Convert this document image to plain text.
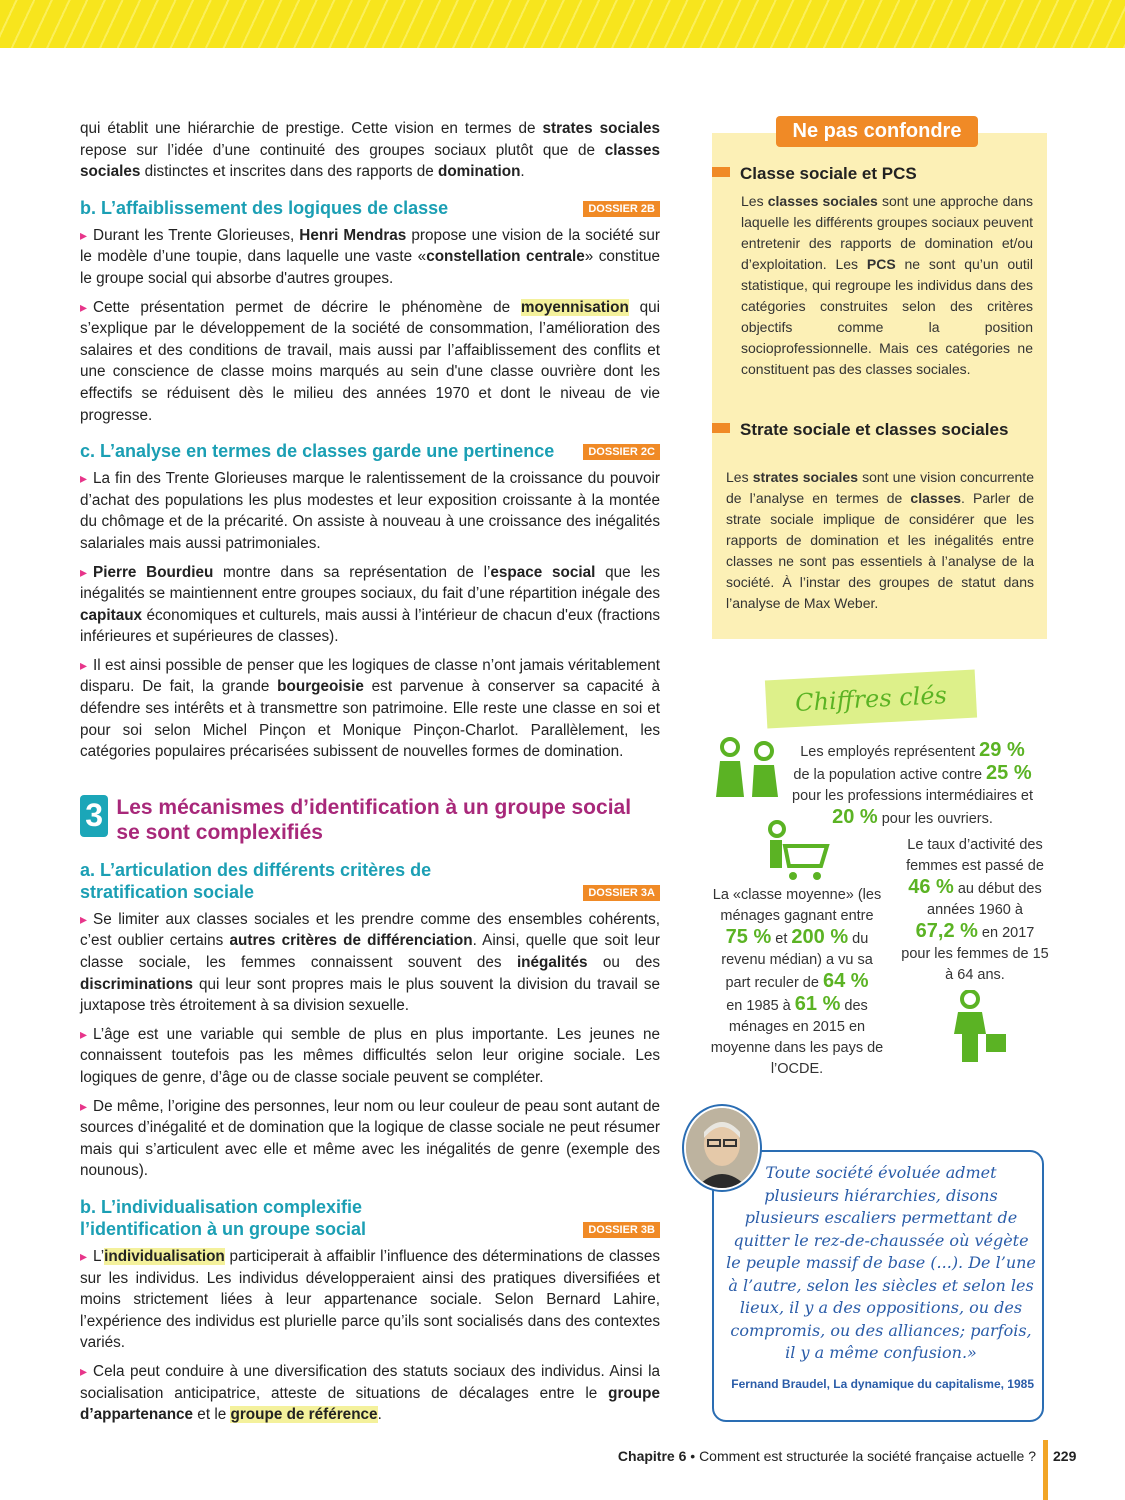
qui établit une hiérarchie de prestige. Cette vision en termes de strates sociales repose sur l’idée d’une continuité des groupes sociaux plutôt que de classes sociales distinctes et inscrites dans des rapports de domination.

b. L’affaiblissement des logiques de classe	DOSSIER 2B

▸ Durant les Trente Glorieuses, Henri Mendras propose une vision de la société sur le modèle d’une toupie, dans laquelle une vaste «constellation centrale» constitue le groupe social qui absorbe d'autres groupes.

▸ Cette présentation permet de décrire le phénomène de moyennisation qui s’explique par le développement de la société de consommation, l’amélioration des salaires et des conditions de travail, mais aussi par l’affaiblissement des conflits et une conscience de classe moins marqués au sein d'une classe ouvrière dont les effectifs se réduisent dès le milieu des années 1970 et dont le niveau de vie progresse.

c. L’analyse en termes de classes garde une pertinence	DOSSIER 2C

▸ La fin des Trente Glorieuses marque le ralentissement de la croissance du pouvoir d’achat des populations les plus modestes et leur exposition croissante à la montée du chômage et de la précarité. On assiste à nouveau à une croissance des inégalités salariales mais aussi patrimoniales.

▸ Pierre Bourdieu montre dans sa représentation de l’espace social que les inégalités se maintiennent entre groupes sociaux, du fait d’une répartition inégale des capitaux économiques et culturels, mais aussi à l’intérieur de chacun d'eux (fractions inférieures et supérieures de classes).

▸ Il est ainsi possible de penser que les logiques de classe n’ont jamais véritablement disparu. De fait, la grande bourgeoisie est parvenue à conserver sa capacité à défendre ses intérêts et à transmettre son patrimoine. Elle reste une classe en soi et pour soi selon Michel Pinçon et Monique Pinçon-Charlot. Parallèlement, les catégories populaires précarisées subissent de nouvelles formes de domination.

3 Les mécanismes d’identification à un groupe social se sont complexifiés
a. L’articulation des différents critères de stratification sociale	DOSSIER 3A

▸ Se limiter aux classes sociales et les prendre comme des ensembles cohérents, c’est oublier certains autres critères de différenciation. Ainsi, quelle que soit leur classe sociale, les femmes connaissent souvent des inégalités ou des discriminations qui leur sont propres mais le plus souvent la division du travail se juxtapose très étroitement à sa division sexuelle.

▸ L’âge est une variable qui semble de plus en plus importante. Les jeunes ne connaissent toutefois pas les mêmes difficultés selon leur origine sociale. Les logiques de genre, d’âge ou de classe sociale peuvent se compléter.

▸ De même, l’origine des personnes, leur nom ou leur couleur de peau sont autant de sources d’inégalité et de domination que la logique de classe sociale ne peut résumer mais qui s’articulent avec elle et même avec les inégalités de genre (exemple des nounous).

b. L’individualisation complexifie l’identification à un groupe social	DOSSIER 3B

▸ L’individualisation participerait à affaiblir l’influence des déterminations de classes sur les individus. Les individus développeraient ainsi des pratiques diversifiées et moins strictement liées à leur appartenance sociale. Selon Bernard Lahire, l’expérience des individus est plurielle parce qu’ils sont socialisés dans des contextes variés.

▸ Cela peut conduire à une diversification des statuts sociaux des individus. Ainsi la socialisation anticipatrice, atteste de situations de décalages entre le groupe d’appartenance et le groupe de référence.

Ne pas confondre
Classe sociale et PCS
Les classes sociales sont une approche dans laquelle les différents groupes sociaux peuvent entretenir des rapports de domination et/ou d’exploitation. Les PCS ne sont qu’un outil statistique, qui regroupe les individus dans des catégories construites selon des critères objectifs comme la position socioprofessionnelle. Mais ces catégories ne constituent pas des classes sociales.
Strate sociale et classes sociales
Les strates sociales sont une vision concurrente de l’analyse en termes de classes. Parler de strate sociale implique de considérer que les rapports de domination et les inégalités entre classes ne sont pas essentiels à l’analyse de la société. À l’instar des groupes de statut dans l’analyse de Max Weber.
Chiffres clés
Les employés représentent 29 %
de la population active contre 25 %
pour les professions intermédiaires et
20 % pour les ouvriers.
La «classe moyenne» (les ménages gagnant entre
75 % et 200 % du revenu médian) a vu sa part reculer de 64 %
en 1985 à 61 % des ménages en 2015 en moyenne dans les pays de l’OCDE.
Le taux d’activité des femmes est passé de 46 % au début des années 1960 à
67,2 % en 2017 pour les femmes de 15 à 64 ans.
Toute société évoluée admet plusieurs hiérarchies, disons plusieurs escaliers permettant de quitter le rez-de-chaussée où végète le peuple massif de base (...). De l’une à l’autre, selon les siècles et selon les lieux, il y a des oppositions, ou des compromis, ou des alliances; parfois, il y a même confusion.»
Fernand Braudel, La dynamique du capitalisme, 1985
Chapitre 6 • Comment est structurée la société française actuelle ? 229
